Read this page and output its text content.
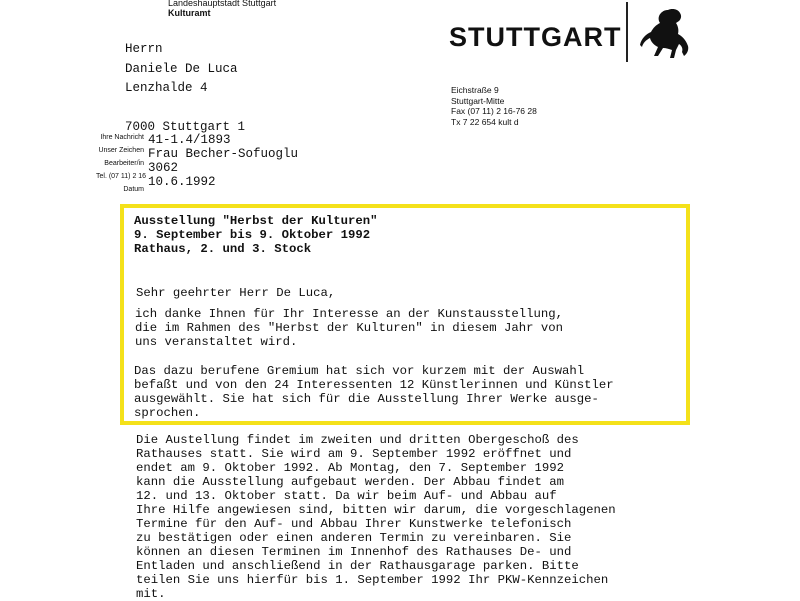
Landeshauptstadt Stuttgart
Kulturamt
STUTTGART
Herrn
Daniele De Luca
Lenzhalde 4
7000 Stuttgart 1
Eichstraße 9
Stuttgart-Mitte
Fax (07 11) 2 16-76 28
Tx 7 22 654 kult d
Ihre Nachricht
Unser Zeichen
Bearbeiter/in
Tel. (07 11) 2 16
Datum
41-1.4/1893
Frau Becher-Sofuoglu
3062
10.6.1992
Ausstellung "Herbst der Kulturen"
9. September bis 9. Oktober 1992
Rathaus, 2. und 3. Stock
Sehr geehrter Herr De Luca,
ich danke Ihnen für Ihr Interesse an der Kunstausstellung,
die im Rahmen des "Herbst der Kulturen" in diesem Jahr von
uns veranstaltet wird.
Das dazu berufene Gremium hat sich vor kurzem mit der Auswahl
befaßt und von den 24 Interessenten 12 Künstlerinnen und Künstler
ausgewählt. Sie hat sich für die Ausstellung Ihrer Werke ausge-
sprochen.
Die Austellung findet im zweiten und dritten Obergeschoß des
Rathauses statt. Sie wird am 9. September 1992 eröffnet und
endet am 9. Oktober 1992. Ab Montag, den 7. September 1992
kann die Ausstellung aufgebaut werden. Der Abbau findet am
12. und 13. Oktober statt. Da wir beim Auf- und Abbau auf
Ihre Hilfe angewiesen sind, bitten wir darum, die vorgeschlagenen
Termine für den Auf- und Abbau Ihrer Kunstwerke telefonisch
zu bestätigen oder einen anderen Termin zu vereinbaren. Sie
können an diesen Terminen im Innenhof des Rathauses De- und
Entladen und anschließend in der Rathausgarage parken. Bitte
teilen Sie uns hierfür bis 1. September 1992 Ihr PKW-Kennzeichen
mit.
